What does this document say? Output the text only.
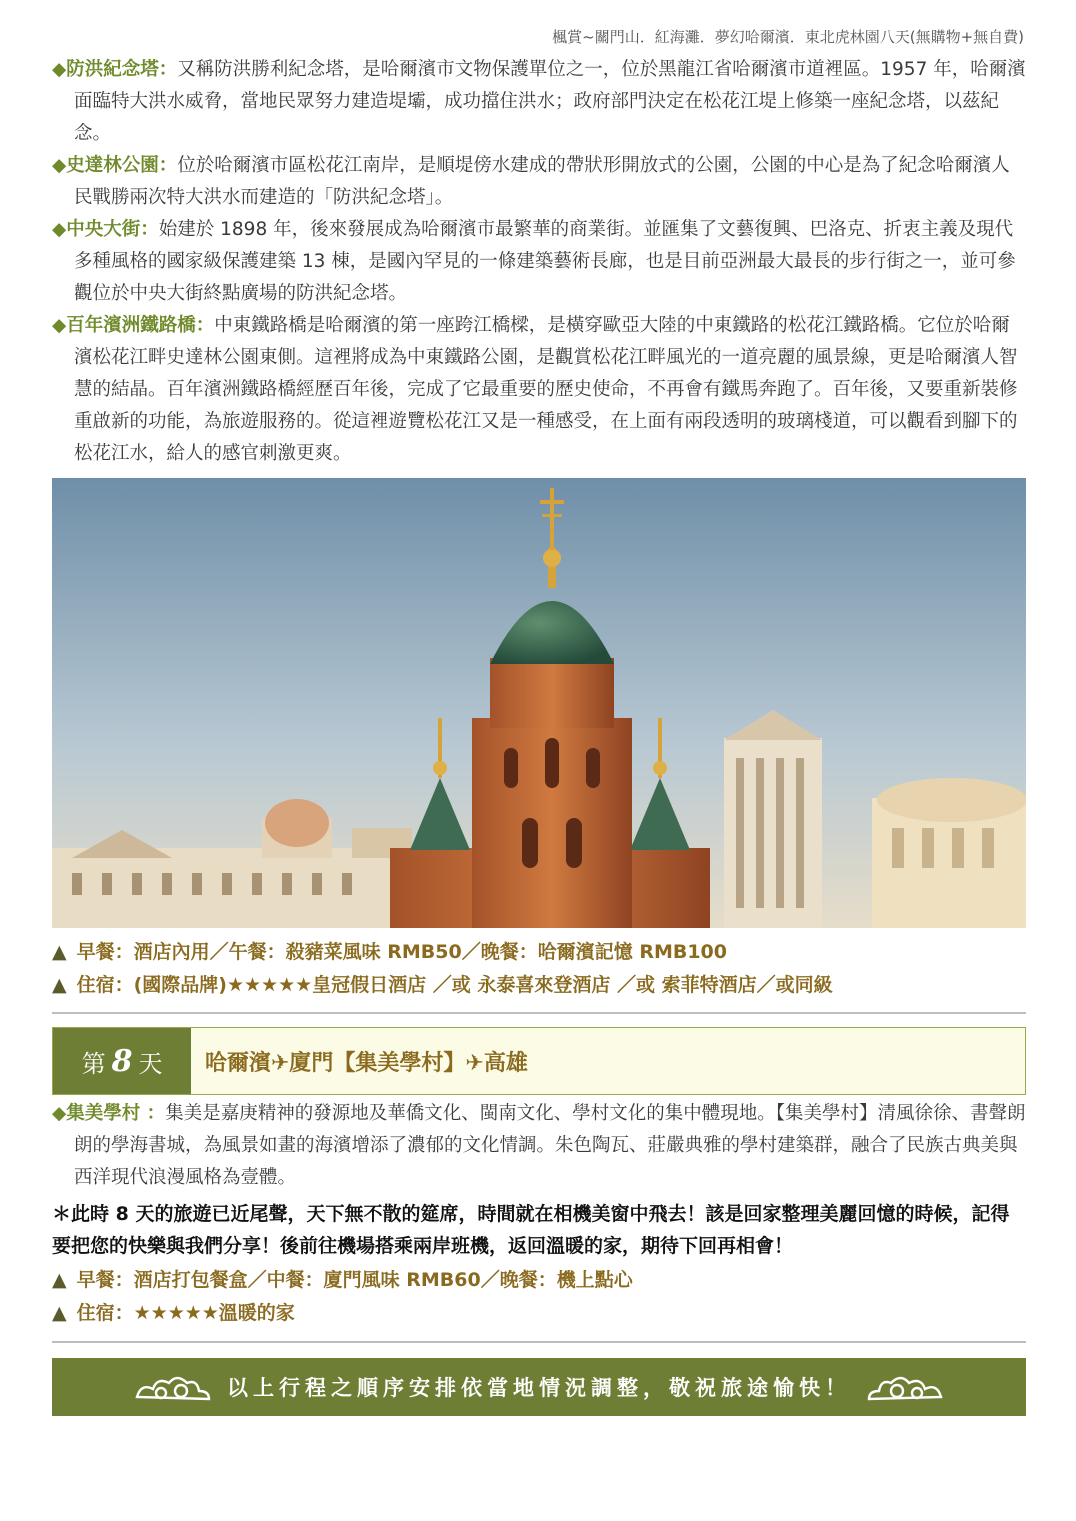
楓賞~關門山．紅海灘．夢幻哈爾濱．東北虎林園八天(無購物+無自費)

◆防洪紀念塔：又稱防洪勝利紀念塔，是哈爾濱市文物保護單位之一，位於黑龍江省哈爾濱市道裡區。1957 年，哈爾濱面臨特大洪水威脅，當地民眾努力建造堤壩，成功擋住洪水；政府部門決定在松花江堤上修築一座紀念塔，以茲紀念。

◆史達林公園：位於哈爾濱市區松花江南岸，是順堤傍水建成的帶狀形開放式的公園，公園的中心是為了紀念哈爾濱人民戰勝兩次特大洪水而建造的「防洪紀念塔」。

◆中央大街：始建於 1898 年，後來發展成為哈爾濱市最繁華的商業街。並匯集了文藝復興、巴洛克、折衷主義及現代多種風格的國家級保護建築 13 棟，是國內罕見的一條建築藝術長廊，也是目前亞洲最大最長的步行街之一，並可參觀位於中央大街終點廣場的防洪紀念塔。

◆百年濱洲鐵路橋：中東鐵路橋是哈爾濱的第一座跨江橋樑，是橫穿歐亞大陸的中東鐵路的松花江鐵路橋。它位於哈爾濱松花江畔史達林公園東側。這裡將成為中東鐵路公園，是觀賞松花江畔風光的一道亮麗的風景線，更是哈爾濱人智慧的結晶。百年濱洲鐵路橋經歷百年後，完成了它最重要的歷史使命，不再會有鐵馬奔跑了。百年後，又要重新裝修重啟新的功能，為旅遊服務的。從這裡遊覽松花江又是一種感受，在上面有兩段透明的玻璃棧道，可以觀看到腳下的松花江水，給人的感官刺激更爽。

▲ 早餐：酒店內用／午餐：殺豬菜風味 RMB50／晚餐：哈爾濱記憶 RMB100
▲ 住宿：(國際品牌)★★★★★皇冠假日酒店 ／或 永泰喜來登酒店 ／或 索菲特酒店／或同級
第 8 天 哈爾濱✈廈門【集美學村】✈高雄

◆集美學村 ：集美是嘉庚精神的發源地及華僑文化、閩南文化、學村文化的集中體現地。【集美學村】清風徐徐、書聲朗朗的學海書城，為風景如畫的海濱增添了濃郁的文化情調。朱色陶瓦、莊嚴典雅的學村建築群，融合了民族古典美與西洋現代浪漫風格為壹體。

＊此時 8 天的旅遊已近尾聲，天下無不散的筵席，時間就在相機美窗中飛去！該是回家整理美麗回憶的時候，記得要把您的快樂與我們分享！後前往機場搭乘兩岸班機，返回溫暖的家，期待下回再相會！
▲ 早餐：酒店打包餐盒／中餐：廈門風味 RMB60／晚餐：機上點心
▲ 住宿：★★★★★溫暖的家
以上行程之順序安排依當地情況調整，敬祝旅途愉快！
